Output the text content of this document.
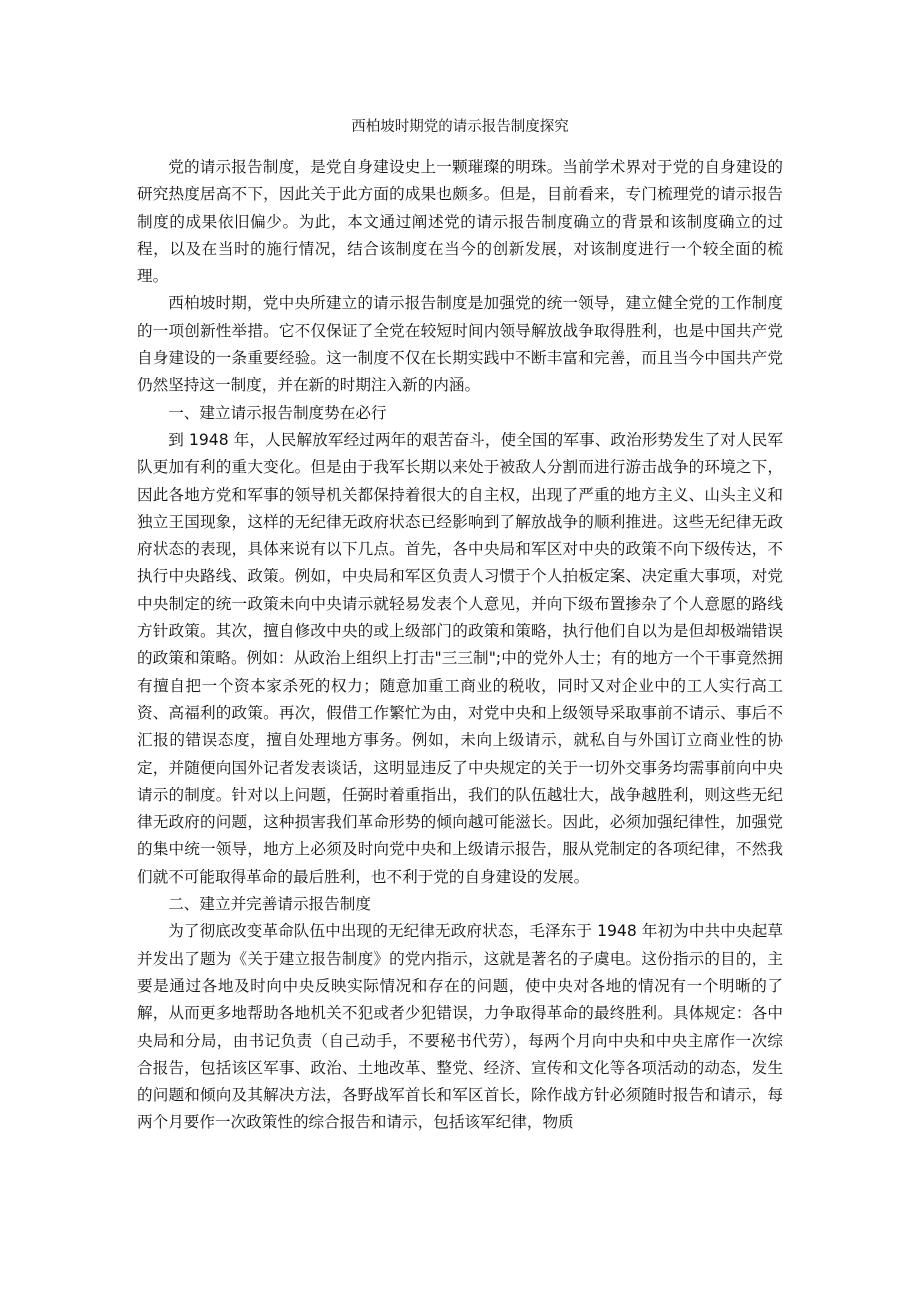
西柏坡时期党的请示报告制度探究

党的请示报告制度，是党自身建设史上一颗璀璨的明珠。当前学术界对于党的自身建设的研究热度居高不下，因此关于此方面的成果也颇多。但是，目前看来，专门梳理党的请示报告制度的成果依旧偏少。为此，本文通过阐述党的请示报告制度确立的背景和该制度确立的过程，以及在当时的施行情况，结合该制度在当今的创新发展，对该制度进行一个较全面的梳理。

西柏坡时期，党中央所建立的请示报告制度是加强党的统一领导，建立健全党的工作制度的一项创新性举措。它不仅保证了全党在较短时间内领导解放战争取得胜利，也是中国共产党自身建设的一条重要经验。这一制度不仅在长期实践中不断丰富和完善，而且当今中国共产党仍然坚持这一制度，并在新的时期注入新的内涵。

一、建立请示报告制度势在必行

到 1948 年，人民解放军经过两年的艰苦奋斗，使全国的军事、政治形势发生了对人民军队更加有利的重大变化。但是由于我军长期以来处于被敌人分割而进行游击战争的环境之下，因此各地方党和军事的领导机关都保持着很大的自主权，出现了严重的地方主义、山头主义和独立王国现象，这样的无纪律无政府状态已经影响到了解放战争的顺利推进。这些无纪律无政府状态的表现，具体来说有以下几点。首先，各中央局和军区对中央的政策不向下级传达，不执行中央路线、政策。例如，中央局和军区负责人习惯于个人拍板定案、决定重大事项，对党中央制定的统一政策未向中央请示就轻易发表个人意见，并向下级布置掺杂了个人意愿的路线方针政策。其次，擅自修改中央的或上级部门的政策和策略，执行他们自以为是但却极端错误的政策和策略。例如：从政治上组织上打击"三三制";中的党外人士；有的地方一个干事竟然拥有擅自把一个资本家杀死的权力；随意加重工商业的税收，同时又对企业中的工人实行高工资、高福利的政策。再次，假借工作繁忙为由，对党中央和上级领导采取事前不请示、事后不汇报的错误态度，擅自处理地方事务。例如，未向上级请示，就私自与外国订立商业性的协定，并随便向国外记者发表谈话，这明显违反了中央规定的关于一切外交事务均需事前向中央请示的制度。针对以上问题，任弼时着重指出，我们的队伍越壮大，战争越胜利，则这些无纪律无政府的问题，这种损害我们革命形势的倾向越可能滋长。因此，必须加强纪律性，加强党的集中统一领导，地方上必须及时向党中央和上级请示报告，服从党制定的各项纪律，不然我们就不可能取得革命的最后胜利，也不利于党的自身建设的发展。

二、建立并完善请示报告制度

为了彻底改变革命队伍中出现的无纪律无政府状态，毛泽东于 1948 年初为中共中央起草并发出了题为《关于建立报告制度》的党内指示，这就是著名的子虞电。这份指示的目的，主要是通过各地及时向中央反映实际情况和存在的问题，使中央对各地的情况有一个明晰的了解，从而更多地帮助各地机关不犯或者少犯错误，力争取得革命的最终胜利。具体规定：各中央局和分局，由书记负责（自己动手，不要秘书代劳），每两个月向中央和中央主席作一次综合报告，包括该区军事、政治、土地改革、整党、经济、宣传和文化等各项活动的动态，发生的问题和倾向及其解决方法，各野战军首长和军区首长，除作战方针必须随时报告和请示，每两个月要作一次政策性的综合报告和请示，包括该军纪律，物质
